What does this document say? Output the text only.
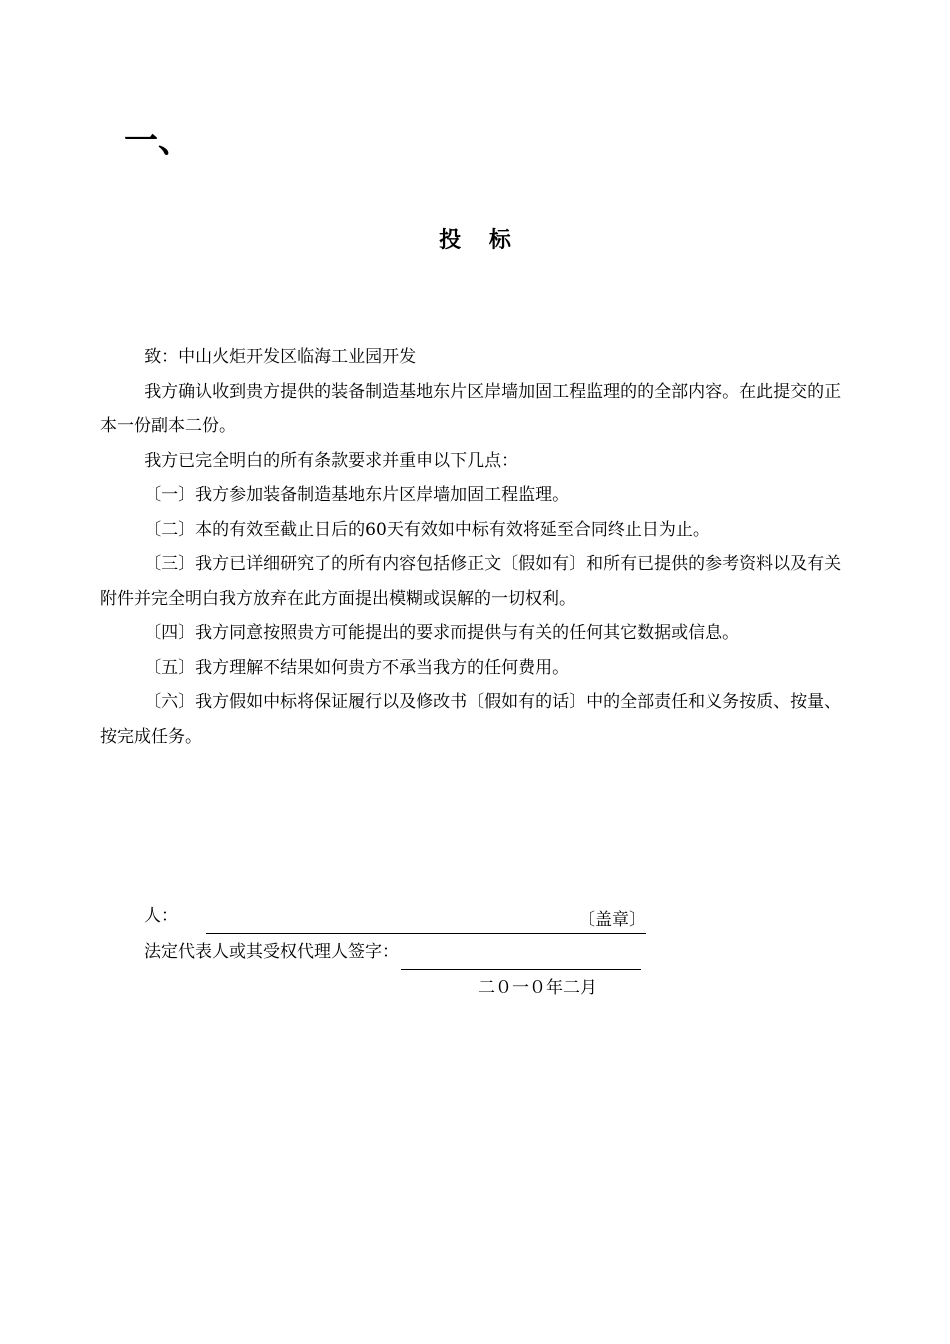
一、
投 标

致：中山火炬开发区临海工业园开发

我方确认收到贵方提供的装备制造基地东片区岸墙加固工程监理的的全部内容。在此提交的正本一份副本二份。

我方已完全明白的所有条款要求并重申以下几点：

〔一〕我方参加装备制造基地东片区岸墙加固工程监理。

〔二〕本的有效至截止日后的60天有效如中标有效将延至合同终止日为止。

〔三〕我方已详细研究了的所有内容包括修正文〔假如有〕和所有已提供的参考资料以及有关附件并完全明白我方放弃在此方面提出模糊或误解的一切权利。

〔四〕我方同意按照贵方可能提出的要求而提供与有关的任何其它数据或信息。

〔五〕我方理解不结果如何贵方不承当我方的任何费用。

〔六〕我方假如中标将保证履行以及修改书〔假如有的话〕中的全部责任和义务按质、按量、按完成任务。

人：	〔盖章〕
法定代表人或其受权代理人签字：
二０一０年二月
